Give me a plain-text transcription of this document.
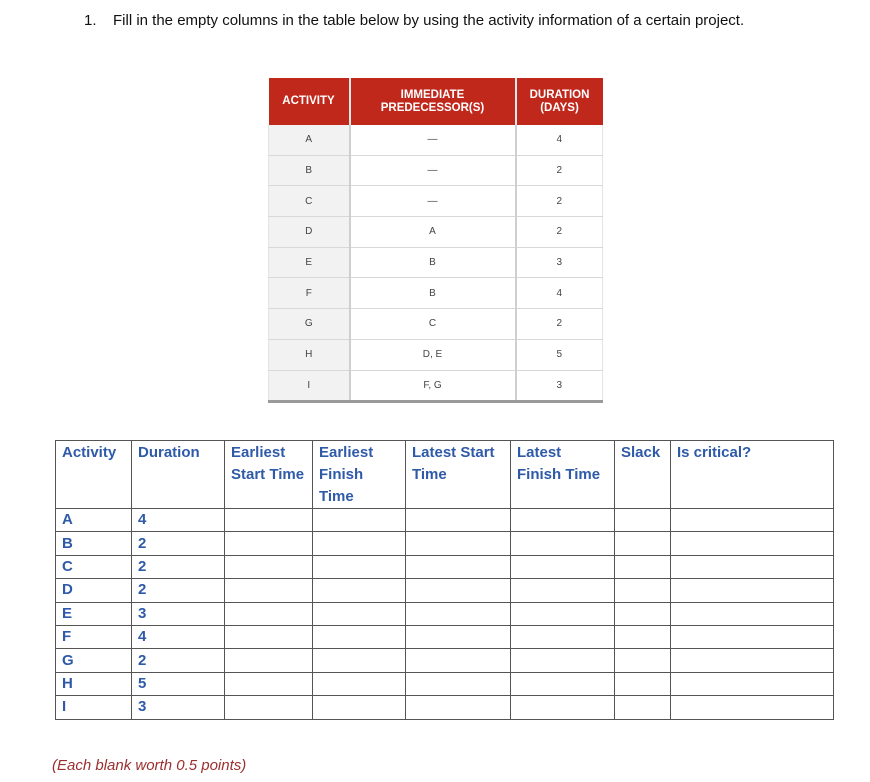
1. Fill in the empty columns in the table below by using the activity information of a certain project.
ACTIVITY	IMMEDIATE PREDECESSOR(S)	DURATION (DAYS)
A	—	4
B	—	2
C	—	2
D	A	2
E	B	3
F	B	4
G	C	2
H	D, E	5
I	F, G	3
Activity	Duration	Earliest Start Time	Earliest Finish Time	Latest Start Time	Latest Finish Time	Slack	Is critical?
A	4						
B	2						
C	2						
D	2						
E	3						
F	4						
G	2						
H	5						
I	3						
(Each blank worth 0.5 points)
